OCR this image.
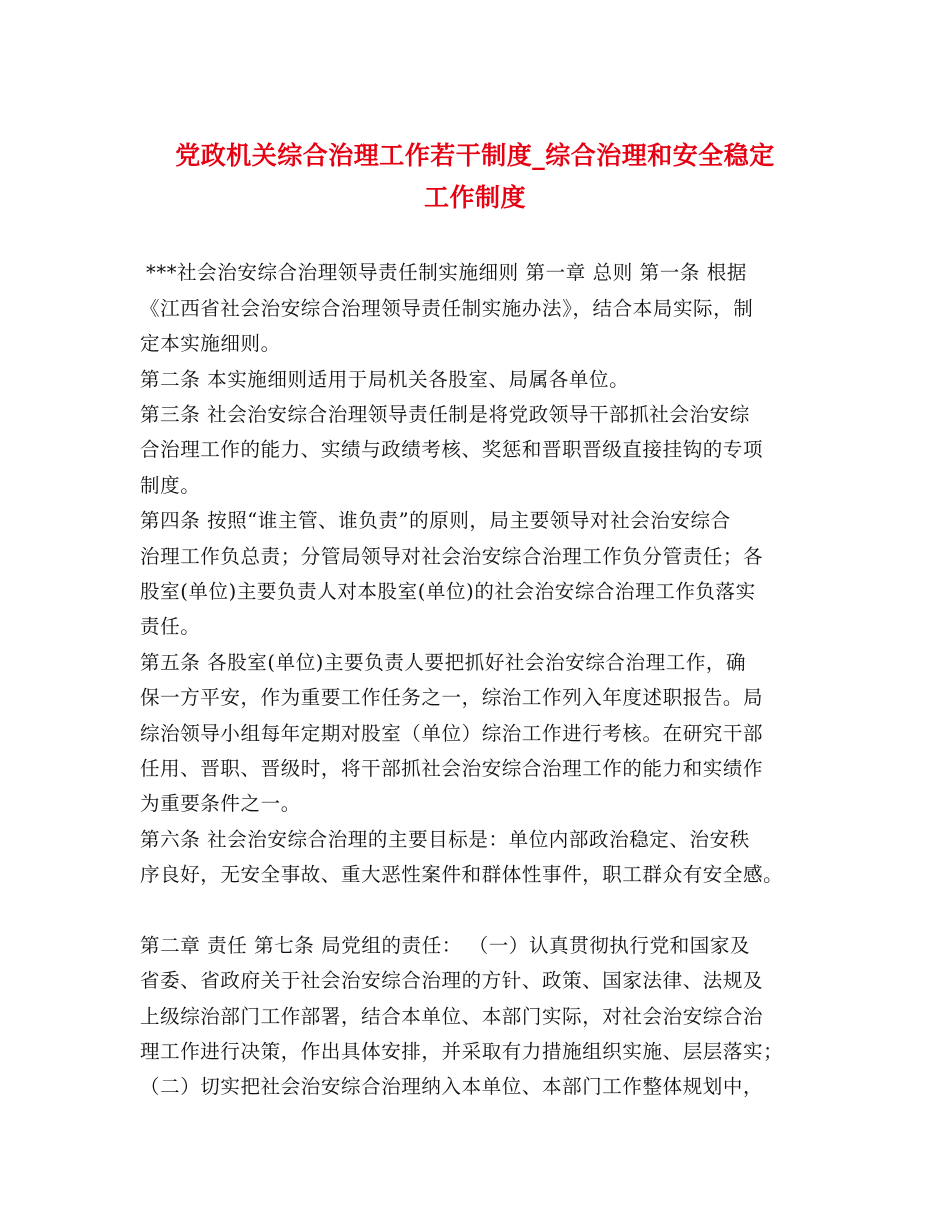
党政机关综合治理工作若干制度_综合治理和安全稳定
工作制度
***社会治安综合治理领导责任制实施细则 第一章 总则 第一条 根据
《江西省社会治安综合治理领导责任制实施办法》，结合本局实际，制
定本实施细则。
第二条 本实施细则适用于局机关各股室、局属各单位。
第三条 社会治安综合治理领导责任制是将党政领导干部抓社会治安综
合治理工作的能力、实绩与政绩考核、奖惩和晋职晋级直接挂钩的专项
制度。
第四条 按照“谁主管、谁负责”的原则，局主要领导对社会治安综合
治理工作负总责；分管局领导对社会治安综合治理工作负分管责任；各
股室(单位)主要负责人对本股室(单位)的社会治安综合治理工作负落实
责任。
第五条 各股室(单位)主要负责人要把抓好社会治安综合治理工作，确
保一方平安，作为重要工作任务之一，综治工作列入年度述职报告。局
综治领导小组每年定期对股室（单位）综治工作进行考核。在研究干部
任用、晋职、晋级时，将干部抓社会治安综合治理工作的能力和实绩作
为重要条件之一。
第六条 社会治安综合治理的主要目标是：单位内部政治稳定、治安秩
序良好，无安全事故、重大恶性案件和群体性事件，职工群众有安全感。
第二章 责任 第七条 局党组的责任： （一）认真贯彻执行党和国家及
省委、省政府关于社会治安综合治理的方针、政策、国家法律、法规及
上级综治部门工作部署，结合本单位、本部门实际，对社会治安综合治
理工作进行决策，作出具体安排，并采取有力措施组织实施、层层落实；
（二）切实把社会治安综合治理纳入本单位、本部门工作整体规划中，
